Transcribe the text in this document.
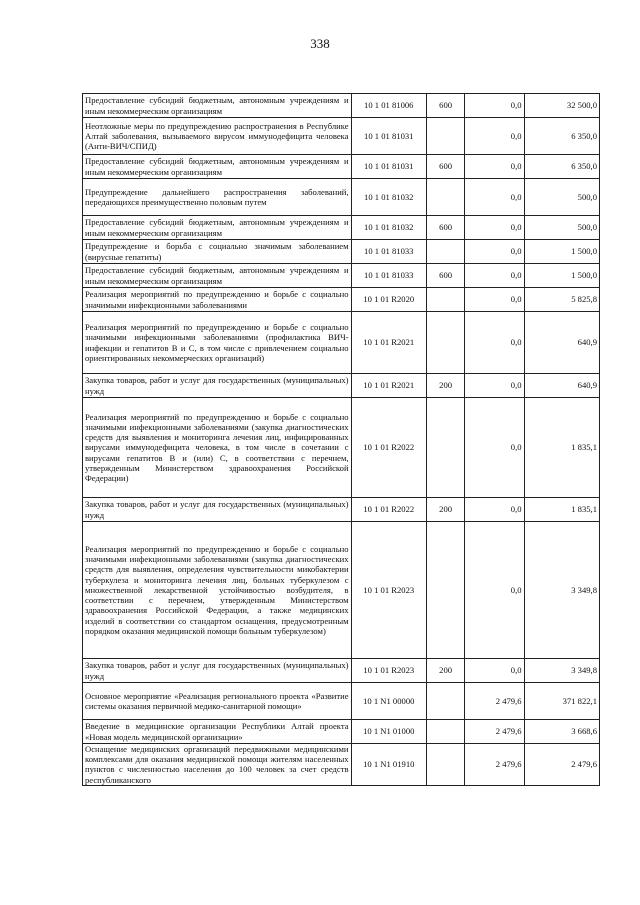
338
Предоставление субсидий бюджетным, автономным учреждениям и иным некоммерческим организациям	10 1 01 81006	600	0,0	32 500,0
Неотложные меры по предупреждению распространения в Республике Алтай заболевания, вызываемого вирусом иммунодефицита человека (Анти-ВИЧ/СПИД)	10 1 01 81031		0,0	6 350,0
Предоставление субсидий бюджетным, автономным учреждениям и иным некоммерческим организациям	10 1 01 81031	600	0,0	6 350,0
Предупреждение дальнейшего распространения заболеваний, передающихся преимущественно половым путем	10 1 01 81032		0,0	500,0
Предоставление субсидий бюджетным, автономным учреждениям и иным некоммерческим организациям	10 1 01 81032	600	0,0	500,0
Предупреждение и борьба с социально значимым заболеванием (вирусные гепатиты)	10 1 01 81033		0,0	1 500,0
Предоставление субсидий бюджетным, автономным учреждениям и иным некоммерческим организациям	10 1 01 81033	600	0,0	1 500,0
Реализация мероприятий по предупреждению и борьбе с социально значимыми инфекционными заболеваниями	10 1 01 R2020		0,0	5 825,8
Реализация мероприятий по предупреждению и борьбе с социально значимыми инфекционными заболеваниями (профилактика ВИЧ-инфекции и гепатитов В и С, в том числе с привлечением социально ориентированных некоммерческих организаций)	10 1 01 R2021		0,0	640,9
Закупка товаров, работ и услуг для государственных (муниципальных) нужд	10 1 01 R2021	200	0,0	640,9
Реализация мероприятий по предупреждению и борьбе с социально значимыми инфекционными заболеваниями (закупка диагностических средств для выявления и мониторинга лечения лиц, инфицированных вирусами иммунодефицита человека, в том числе в сочетании с вирусами гепатитов В и (или) С, в соответствии с перечнем, утвержденным Министерством здравоохранения Российской Федерации)	10 1 01 R2022		0,0	1 835,1
Закупка товаров, работ и услуг для государственных (муниципальных) нужд	10 1 01 R2022	200	0,0	1 835,1
Реализация мероприятий по предупреждению и борьбе с социально значимыми инфекционными заболеваниями (закупка диагностических средств для выявления, определения чувствительности микобактерии туберкулеза и мониторинга лечения лиц, больных туберкулезом с множественной лекарственной устойчивостью возбудителя, в соответствии с перечнем, утвержденным Министерством здравоохранения Российской Федерации, а также медицинских изделий в соответствии со стандартом оснащения, предусмотренным порядком оказания медицинской помощи больным туберкулезом)	10 1 01 R2023		0,0	3 349,8
Закупка товаров, работ и услуг для государственных (муниципальных) нужд	10 1 01 R2023	200	0,0	3 349,8
Основное мероприятие «Реализация регионального проекта «Развитие системы оказания первичной медико-санитарной помощи»	10 1 N1 00000		2 479,6	371 822,1
Введение в медицинские организации Республики Алтай проекта «Новая модель медицинской организации»	10 1 N1 01000		2 479,6	3 668,6
Оснащение медицинских организаций передвижными медицинскими комплексами для оказания медицинской помощи жителям населенных пунктов с численностью населения до 100 человек за счет средств республиканского	10 1 N1 01910		2 479,6	2 479,6
